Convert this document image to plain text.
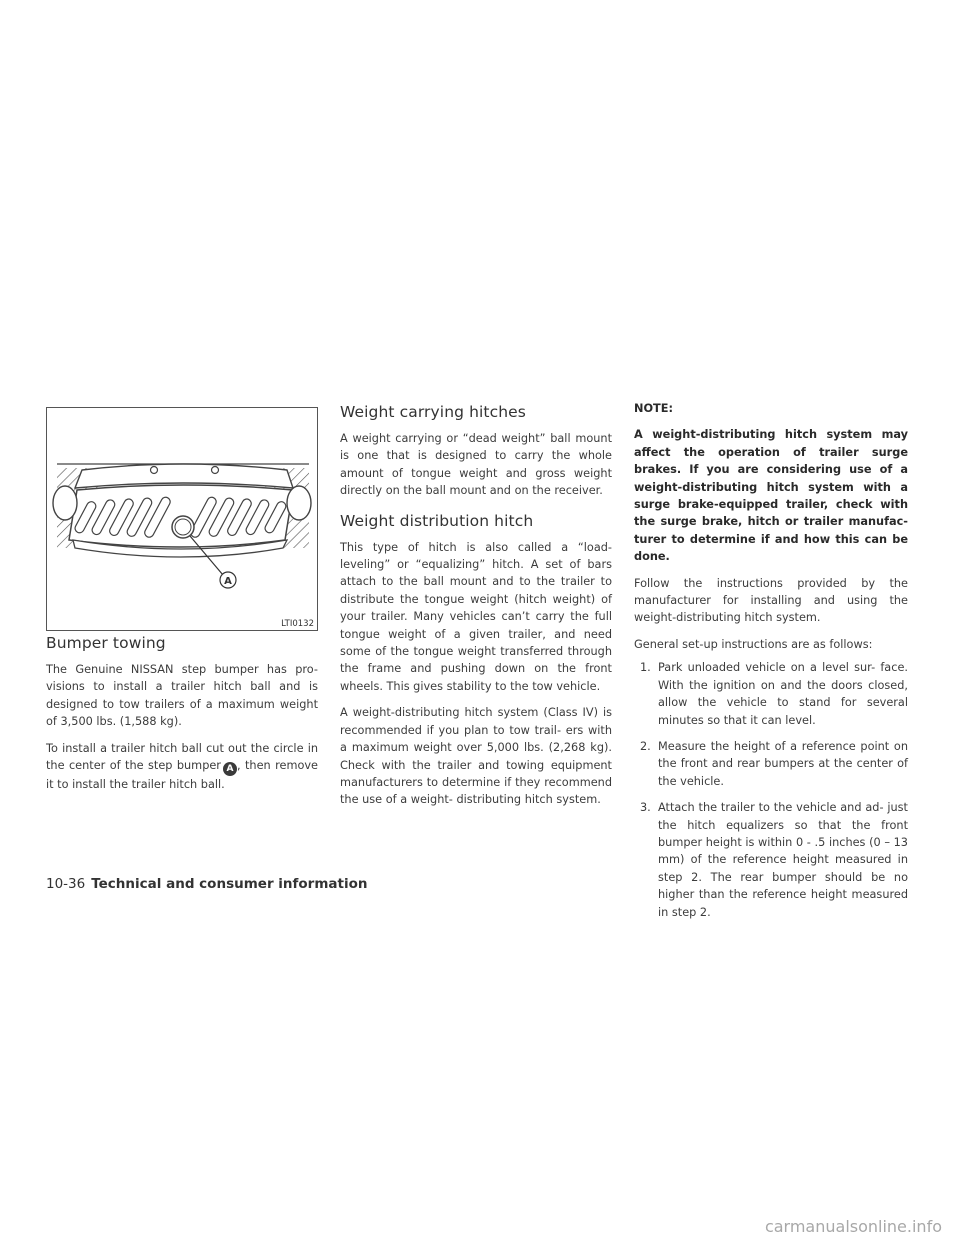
A
LTI0132
Bumper towing

The Genuine NISSAN step bumper has pro- visions to install a trailer hitch ball and is designed to tow trailers of a maximum weight of 3,500 lbs. (1,588 kg).

To install a trailer hitch ball cut out the circle in the center of the step bumper A , then remove it to install the trailer hitch ball.

Weight carrying hitches

A weight carrying or “dead weight” ball mount is one that is designed to carry the whole amount of tongue weight and gross weight directly on the ball mount and on the receiver.

Weight distribution hitch

This type of hitch is also called a “load- leveling” or “equalizing” hitch. A set of bars attach to the ball mount and to the trailer to distribute the tongue weight (hitch weight) of your trailer. Many vehicles can’t carry the full tongue weight of a given trailer, and need some of the tongue weight transferred through the frame and pushing down on the front wheels. This gives stability to the tow vehicle.

A weight-distributing hitch system (Class IV) is recommended if you plan to tow trail- ers with a maximum weight over 5,000 lbs. (2,268 kg). Check with the trailer and towing equipment manufacturers to determine if they recommend the use of a weight- distributing hitch system.

NOTE:

A weight-distributing hitch system may affect the operation of trailer surge brakes. If you are considering use of a weight-distributing hitch system with a surge brake-equipped trailer, check with the surge brake, hitch or trailer manufac- turer to determine if and how this can be done.

Follow the instructions provided by the manufacturer for installing and using the weight-distributing hitch system.

General set-up instructions are as follows:

1. Park unloaded vehicle on a level sur- face. With the ignition on and the doors closed, allow the vehicle to stand for several minutes so that it can level.
2. Measure the height of a reference point on the front and rear bumpers at the center of the vehicle.
3. Attach the trailer to the vehicle and ad- just the hitch equalizers so that the front bumper height is within 0 - .5 inches (0 – 13 mm) of the reference height measured in step 2. The rear bumper should be no higher than the reference height measured in step 2.
10-36 Technical and consumer information
carmanualsonline.info
